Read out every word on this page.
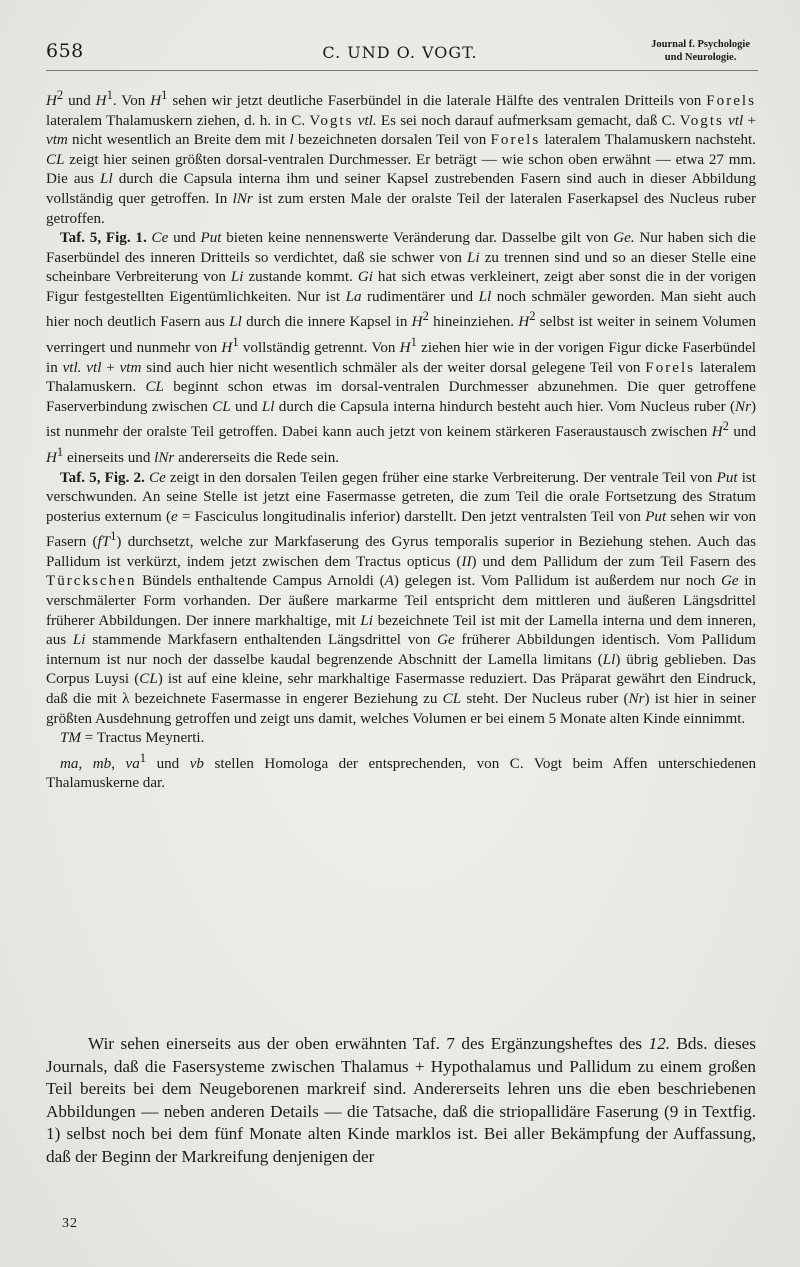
658	C. UND O. VOGT.	Journal f. Psychologie
und Neurologie.

$H^2$ und $H^1$. Von $H^1$ sehen wir jetzt deutliche Faserbündel in die laterale Hälfte des ventralen Dritteils von Forels lateralem Thalamuskern ziehen, d. h. in C. Vogts vtl. Es sei noch darauf aufmerksam gemacht, daß C. Vogts vtl + vtm nicht wesentlich an Breite dem mit l bezeichneten dorsalen Teil von Forels lateralem Thalamuskern nachsteht. CL zeigt hier seinen größten dorsal-ventralen Durchmesser. Er beträgt — wie schon oben erwähnt — etwa 27 mm. Die aus Ll durch die Capsula interna ihm und seiner Kapsel zustrebenden Fasern sind auch in dieser Abbildung vollständig quer getroffen. In lNr ist zum ersten Male der oralste Teil der lateralen Faserkapsel des Nucleus ruber getroffen.

Taf. 5, Fig. 1. Ce und Put bieten keine nennenswerte Veränderung dar. Dasselbe gilt von Ge. Nur haben sich die Faserbündel des inneren Dritteils so verdichtet, daß sie schwer von Li zu trennen sind und so an dieser Stelle eine scheinbare Verbreiterung von Li zustande kommt. Gi hat sich etwas verkleinert, zeigt aber sonst die in der vorigen Figur festgestellten Eigentümlichkeiten. Nur ist La rudimentärer und Ll noch schmäler geworden. Man sieht auch hier noch deutlich Fasern aus Ll durch die innere Kapsel in $H^2$ hineinziehen. $H^2$ selbst ist weiter in seinem Volumen verringert und nunmehr von $H^1$ vollständig getrennt. Von $H^1$ ziehen hier wie in der vorigen Figur dicke Faserbündel in vtl. vtl + vtm sind auch hier nicht wesentlich schmäler als der weiter dorsal gelegene Teil von Forels lateralem Thalamuskern. CL beginnt schon etwas im dorsal-ventralen Durchmesser abzunehmen. Die quer getroffene Faserverbindung zwischen CL und Ll durch die Capsula interna hindurch besteht auch hier. Vom Nucleus ruber (Nr) ist nunmehr der oralste Teil getroffen. Dabei kann auch jetzt von keinem stärkeren Faseraustausch zwischen $H^2$ und $H^1$ einerseits und lNr andererseits die Rede sein.

Taf. 5, Fig. 2. Ce zeigt in den dorsalen Teilen gegen früher eine starke Verbreiterung. Der ventrale Teil von Put ist verschwunden. An seine Stelle ist jetzt eine Fasermasse getreten, die zum Teil die orale Fortsetzung des Stratum posterius externum (e = Fasciculus longitudinalis inferior) darstellt. Den jetzt ventralsten Teil von Put sehen wir von Fasern $(fT^1)$ durchsetzt, welche zur Markfaserung des Gyrus temporalis superior in Beziehung stehen. Auch das Pallidum ist verkürzt, indem jetzt zwischen dem Tractus opticus (II) und dem Pallidum der zum Teil Fasern des Türckschen Bündels enthaltende Campus Arnoldi (A) gelegen ist. Vom Pallidum ist außerdem nur noch Ge in verschmälerter Form vorhanden. Der äußere markarme Teil entspricht dem mittleren und äußeren Längsdrittel früherer Abbildungen. Der innere markhaltige, mit Li bezeichnete Teil ist mit der Lamella interna und dem inneren, aus Li stammende Markfasern enthaltenden Längsdrittel von Ge früherer Abbildungen identisch. Vom Pallidum internum ist nur noch der dasselbe kaudal begrenzende Abschnitt der Lamella limitans (Ll) übrig geblieben. Das Corpus Luysi (CL) ist auf eine kleine, sehr markhaltige Fasermasse reduziert. Das Präparat gewährt den Eindruck, daß die mit λ bezeichnete Fasermasse in engerer Beziehung zu CL steht. Der Nucleus ruber (Nr) ist hier in seiner größten Ausdehnung getroffen und zeigt uns damit, welches Volumen er bei einem 5 Monate alten Kinde einnimmt.

TM = Tractus Meynerti.

ma, mb, $va^1$ und vb stellen Homologa der entsprechenden, von C. Vogt beim Affen unterschiedenen Thalamuskerne dar.

Wir sehen einerseits aus der oben erwähnten Taf. 7 des Ergänzungsheftes des 12. Bds. dieses Journals, daß die Fasersysteme zwischen Thalamus + Hypothalamus und Pallidum zu einem großen Teil bereits bei dem Neugeborenen markreif sind. Andererseits lehren uns die eben beschriebenen Abbildungen — neben anderen Details — die Tatsache, daß die striopallidäre Faserung (9 in Textfig. 1) selbst noch bei dem fünf Monate alten Kinde marklos ist. Bei aller Bekämpfung der Auffassung, daß der Beginn der Markreifung denjenigen der

32
